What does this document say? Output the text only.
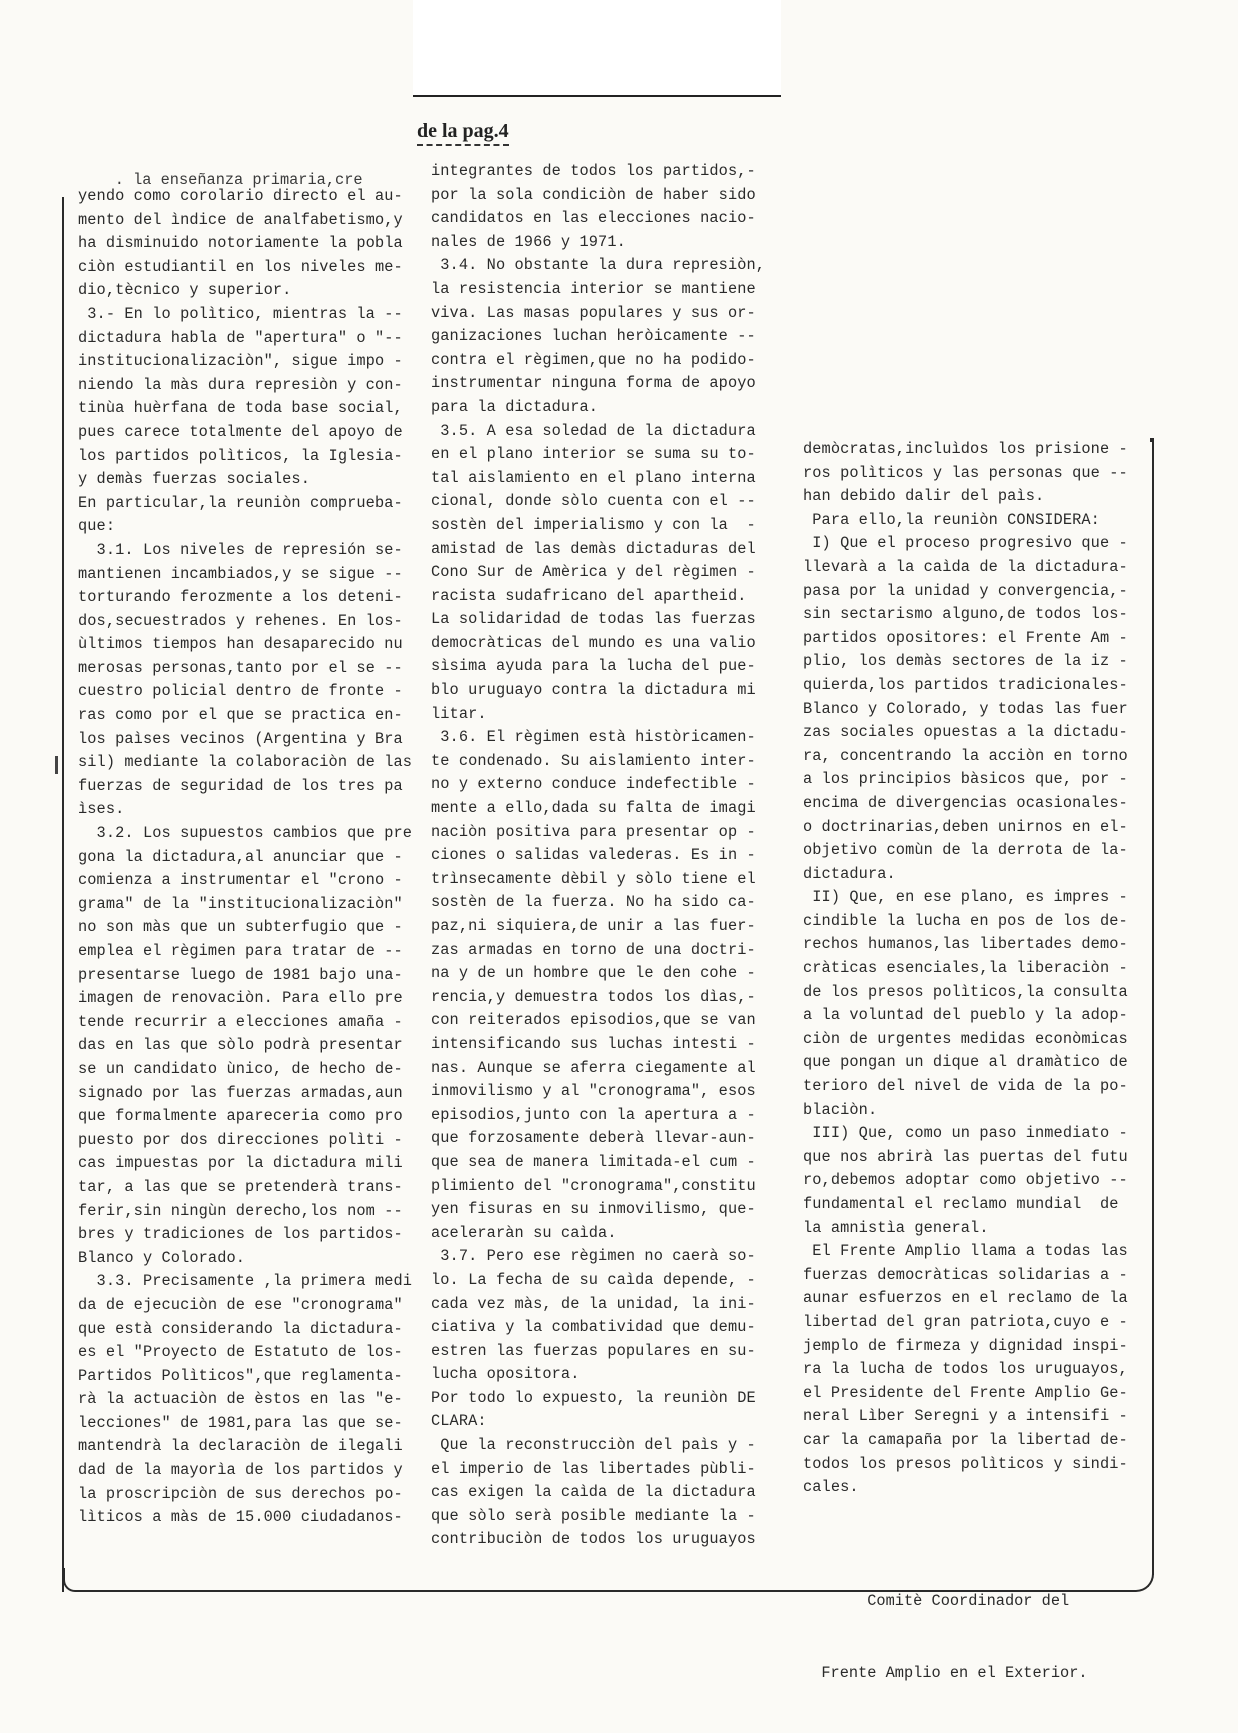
de la pag.4
. la enseñanza primaria,cre
yendo como corolario directo el au-
mento del ìndice de analfabetismo,y
ha disminuido notoriamente la pobla
ciòn estudiantil en los niveles me-
dio,tècnico y superior.
3.- En lo polìtico, mientras la --
dictadura habla de "apertura" o "--
institucionalizaciòn", sigue impo -
niendo la màs dura represiòn y con-
tinùa huèrfana de toda base social,
pues carece totalmente del apoyo de
los partidos polìticos, la Iglesia-
y demàs fuerzas sociales.
En particular,la reuniòn comprueba-
que:
3.1. Los niveles de represión se-
mantienen incambiados,y se sigue --
torturando ferozmente a los deteni-
dos,secuestrados y rehenes. En los-
ùltimos tiempos han desaparecido nu
merosas personas,tanto por el se --
cuestro policial dentro de fronte -
ras como por el que se practica en-
los paìses vecinos (Argentina y Bra
sil) mediante la colaboraciòn de las
fuerzas de seguridad de los tres pa
ìses.
3.2. Los supuestos cambios que pre
gona la dictadura,al anunciar que -
comienza a instrumentar el "crono -
grama" de la "institucionalizaciòn"
no son màs que un subterfugio que -
emplea el règimen para tratar de --
presentarse luego de 1981 bajo una-
imagen de renovaciòn. Para ello pre
tende recurrir a elecciones amaña -
das en las que sòlo podrà presentar
se un candidato ùnico, de hecho de-
signado por las fuerzas armadas,aun
que formalmente apareceria como pro
puesto por dos direcciones polìti -
cas impuestas por la dictadura mili
tar, a las que se pretenderà trans-
ferir,sin ningùn derecho,los nom --
bres y tradiciones de los partidos-
Blanco y Colorado.
3.3. Precisamente ,la primera medi
da de ejecuciòn de ese "cronograma"
que està considerando la dictadura-
es el "Proyecto de Estatuto de los-
Partidos Polìticos",que reglamenta-
rà la actuaciòn de èstos en las "e-
lecciones" de 1981,para las que se-
mantendrà la declaraciòn de ilegali
dad de la mayorìa de los partidos y
la proscripciòn de sus derechos po-
lìticos a màs de 15.000 ciudadanos-
integrantes de todos los partidos,-
por la sola condiciòn de haber sido
candidatos en las elecciones nacio-
nales de 1966 y 1971.
3.4. No obstante la dura represiòn,
la resistencia interior se mantiene
viva. Las masas populares y sus or-
ganizaciones luchan heròicamente --
contra el règimen,que no ha podido-
instrumentar ninguna forma de apoyo
para la dictadura.
3.5. A esa soledad de la dictadura
en el plano interior se suma su to-
tal aislamiento en el plano interna
cional, donde sòlo cuenta con el --
sostèn del imperialismo y con la  -
amistad de las demàs dictaduras del
Cono Sur de Amèrica y del règimen -
racista sudafricano del apartheid.
La solidaridad de todas las fuerzas
democràticas del mundo es una valio
sìsima ayuda para la lucha del pue-
blo uruguayo contra la dictadura mi
litar.
3.6. El règimen està històricamen-
te condenado. Su aislamiento inter-
no y externo conduce indefectible -
mente a ello,dada su falta de imagi
naciòn positiva para presentar op -
ciones o salidas valederas. Es in -
trìnsecamente dèbil y sòlo tiene el
sostèn de la fuerza. No ha sido ca-
paz,ni siquiera,de unir a las fuer-
zas armadas en torno de una doctri-
na y de un hombre que le den cohe -
rencia,y demuestra todos los dìas,-
con reiterados episodios,que se van
intensificando sus luchas intesti -
nas. Aunque se aferra ciegamente al
inmovilismo y al "cronograma", esos
episodios,junto con la apertura a -
que forzosamente deberà llevar-aun-
que sea de manera limitada-el cum -
plimiento del "cronograma",constitu
yen fisuras en su inmovilismo, que-
aceleraràn su caìda.
3.7. Pero ese règimen no caerà so-
lo. La fecha de su caìda depende, -
cada vez màs, de la unidad, la ini-
ciativa y la combatividad que demu-
estren las fuerzas populares en su-
lucha opositora.
Por todo lo expuesto, la reuniòn DE
CLARA:
Que la reconstrucciòn del paìs y -
el imperio de las libertades pùbli-
cas exigen la caìda de la dictadura
que sòlo serà posible mediante la -
contribuciòn de todos los uruguayos
demòcratas,incluìdos los prisione -
ros polìticos y las personas que --
han debido dalir del paìs.
Para ello,la reuniòn CONSIDERA:
I) Que el proceso progresivo que -
llevarà a la caìda de la dictadura-
pasa por la unidad y convergencia,-
sin sectarismo alguno,de todos los-
partidos opositores: el Frente Am -
plio, los demàs sectores de la iz -
quierda,los partidos tradicionales-
Blanco y Colorado, y todas las fuer
zas sociales opuestas a la dictadu-
ra, concentrando la acciòn en torno
a los principios bàsicos que, por -
encima de divergencias ocasionales-
o doctrinarias,deben unirnos en el-
objetivo comùn de la derrota de la-
dictadura.
II) Que, en ese plano, es impres -
cindible la lucha en pos de los de-
rechos humanos,las libertades demo-
cràticas esenciales,la liberaciòn -
de los presos polìticos,la consulta
a la voluntad del pueblo y la adop-
ciòn de urgentes medidas econòmicas
que pongan un dique al dramàtico de
terioro del nivel de vida de la po-
blaciòn.
III) Que, como un paso inmediato -
que nos abrirà las puertas del futu
ro,debemos adoptar como objetivo --
fundamental el reclamo mundial  de
la amnistìa general.
El Frente Amplio llama a todas las
fuerzas democràticas solidarias a -
aunar esfuerzos en el reclamo de la
libertad del gran patriota,cuyo e -
jemplo de firmeza y dignidad inspi-
ra la lucha de todos los uruguayos,
el Presidente del Frente Amplio Ge-
neral Lìber Seregni y a intensifi -
car la camapaña por la libertad de-
todos los presos polìticos y sindi-
cales.

Comitè Coordinador del

Frente Amplio en el Exterior.
